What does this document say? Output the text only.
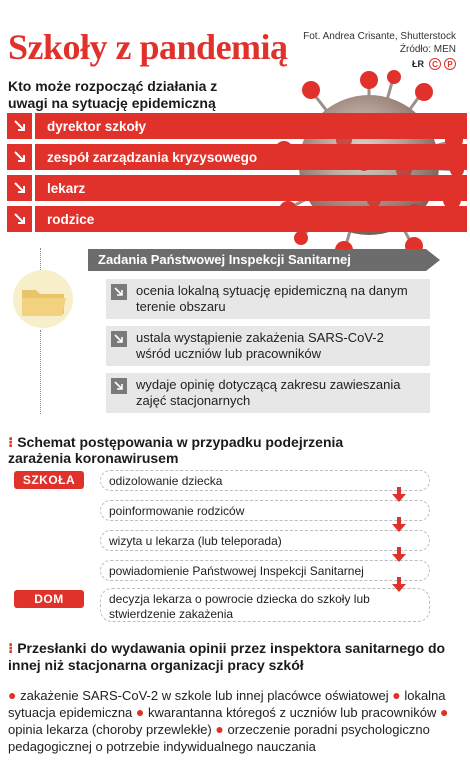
Szkoły z pandemią Fot. Andrea Crisante, Shutterstock
Źródło: MEN
ŁR	C	P
Kto może rozpocząć działania z uwagi na sytuację epidemiczną
dyrektor szkoły
zespół zarządzania kryzysowego
lekarz
rodzice
Zadania Państwowej Inspekcji Sanitarnej
ocenia lokalną sytuację epidemiczną na danym terenie obszaru
ustala wystąpienie zakażenia SARS-CoV-2 wśród uczniów lub pracowników
wydaje opinię dotyczącą zakresu zawieszania zajęć stacjonarnych
⁝ Schemat postępowania w przypadku podejrzenia zarażenia koronawirusem
SZKOŁA	odizolowanie dziecka
poinformowanie rodziców
wizyta u lekarza (lub teleporada)
powiadomienie Państwowej Inspekcji Sanitarnej
DOM	decyzja lekarza o powrocie dziecka do szkoły lub stwierdzenie zakażenia
⁝ Przesłanki do wydawania opinii przez inspektora sanitarnego do innej niż stacjonarna organizacji pracy szkół
● zakażenie SARS-CoV-2 w szkole lub innej placówce oświatowej ● lokalna sytuacja epidemiczna ● kwarantanna któregoś z uczniów lub pracowników ● opinia lekarza (choroby przewlekłe) ● orzeczenie poradni psychologiczno pedagogicznej o potrzebie indywidualnego nauczania
